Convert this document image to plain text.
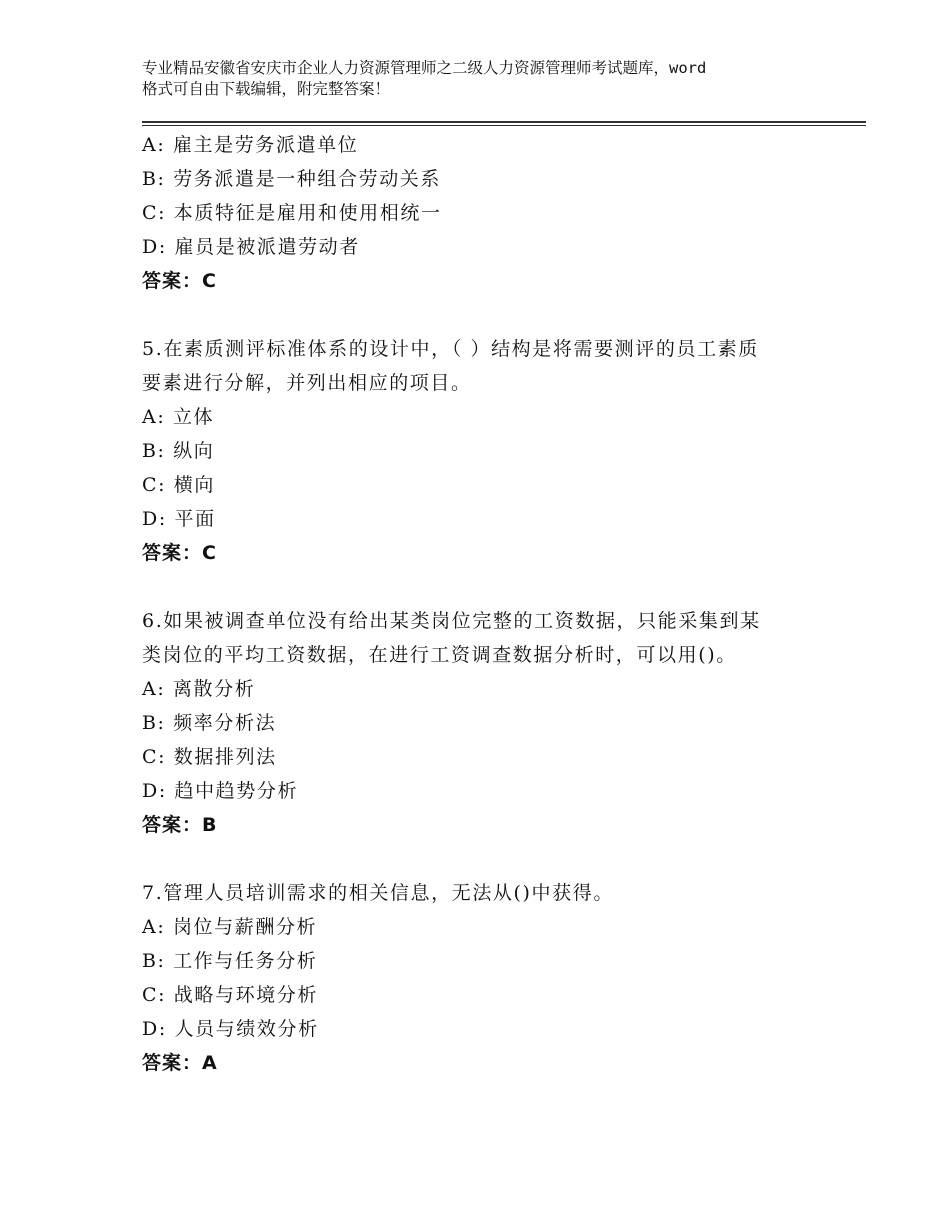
专业精品安徽省安庆市企业人力资源管理师之二级人力资源管理师考试题库，word
格式可自由下载编辑，附完整答案！
A: 雇主是劳务派遣单位
B: 劳务派遣是一种组合劳动关系
C: 本质特征是雇用和使用相统一
D: 雇员是被派遣劳动者
答案：C
5.在素质测评标准体系的设计中，（ ）结构是将需要测评的员工素质
要素进行分解，并列出相应的项目。
A: 立体
B: 纵向
C: 横向
D: 平面
答案：C
6.如果被调查单位没有给出某类岗位完整的工资数据，只能采集到某
类岗位的平均工资数据，在进行工资调查数据分析时，可以用()。
A: 离散分析
B: 频率分析法
C: 数据排列法
D: 趋中趋势分析
答案：B
7.管理人员培训需求的相关信息，无法从()中获得。
A: 岗位与薪酬分析
B: 工作与任务分析
C: 战略与环境分析
D: 人员与绩效分析
答案：A
